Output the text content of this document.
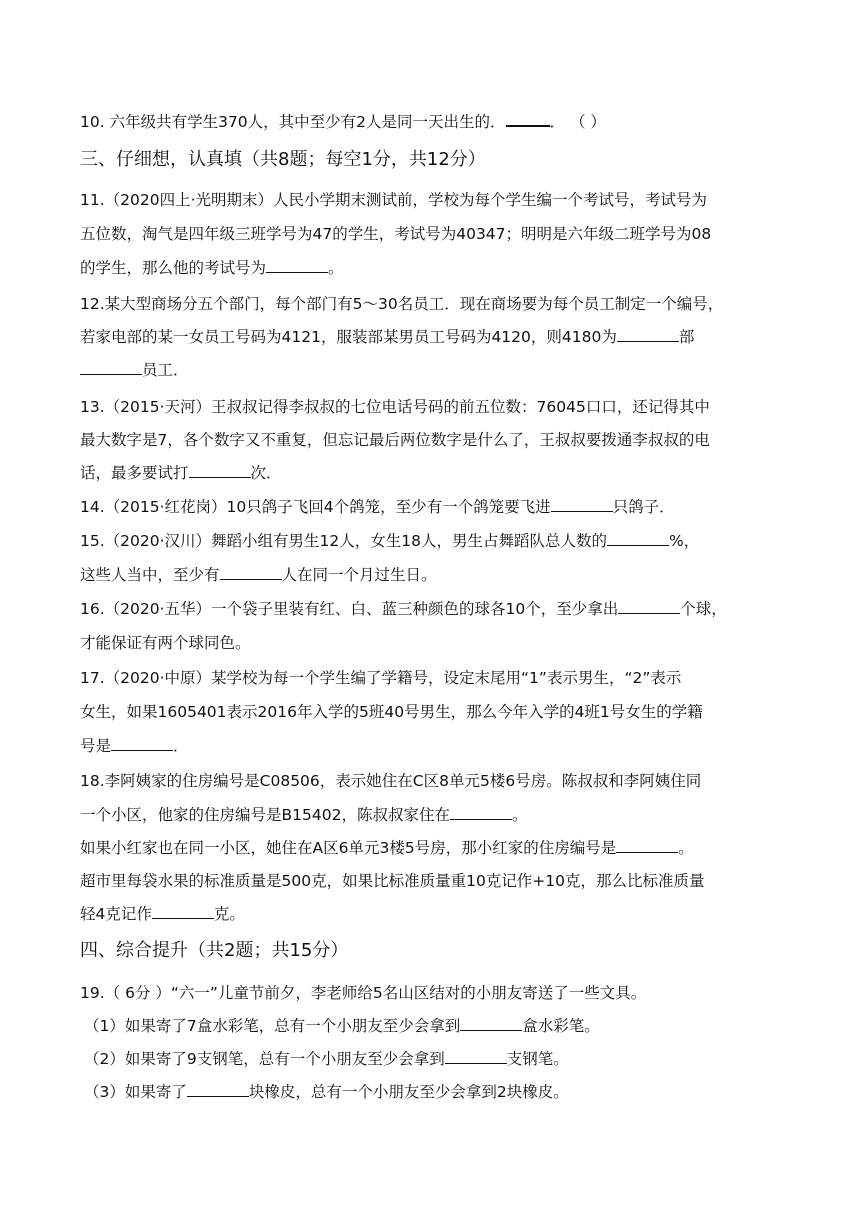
10. 六年级共有学生370人，其中至少有2人是同一天出生的．	． （ ）
三、仔细想，认真填（共8题；每空1分，共12分）
11.（2020四上·光明期末）人民小学期末测试前，学校为每个学生编一个考试号，考试号为
五位数，淘气是四年级三班学号为47的学生，考试号为40347；明明是六年级二班学号为08
的学生，那么他的考试号为	。
12.某大型商场分五个部门，每个部门有5～30名员工．现在商场要为每个员工制定一个编号，
若家电部的某一女员工号码为4121，服装部某男员工号码为4120，则4180为	部
员工．
13.（2015·天河）王叔叔记得李叔叔的七位电话号码的前五位数：76045口口，还记得其中
最大数字是7，各个数字又不重复，但忘记最后两位数字是什么了，王叔叔要拨通李叔叔的电
话，最多要试打	次．
14.（2015·红花岗）10只鸽子飞回4个鸽笼，至少有一个鸽笼要飞进	只鸽子．
15.（2020·汉川）舞蹈小组有男生12人，女生18人，男生占舞蹈队总人数的	%，
这些人当中，至少有	人在同一个月过生日。
16.（2020·五华）一个袋子里装有红、白、蓝三种颜色的球各10个，至少拿出	个球，
才能保证有两个球同色。
17.（2020·中原）某学校为每一个学生编了学籍号，设定末尾用“1”表示男生，“2”表示
女生，如果1605401表示2016年入学的5班40号男生，那么今年入学的4班1号女生的学籍
号是	．
18.李阿姨家的住房编号是C08506，表示她住在C区8单元5楼6号房。陈叔叔和李阿姨住同
一个小区，他家的住房编号是B15402，陈叔叔家住在	。
如果小红家也在同一小区，她住在A区6单元3楼5号房，那小红家的住房编号是	。
超市里每袋水果的标准质量是500克，如果比标准质量重10克记作+10克，那么比标准质量
轻4克记作	克。
四、综合提升（共2题；共15分）
19.（ 6分 ）“六一”儿童节前夕，李老师给5名山区结对的小朋友寄送了一些文具。
（1）如果寄了7盒水彩笔，总有一个小朋友至少会拿到	盒水彩笔。
（2）如果寄了9支钢笔，总有一个小朋友至少会拿到	支钢笔。
（3）如果寄了	块橡皮，总有一个小朋友至少会拿到2块橡皮。
